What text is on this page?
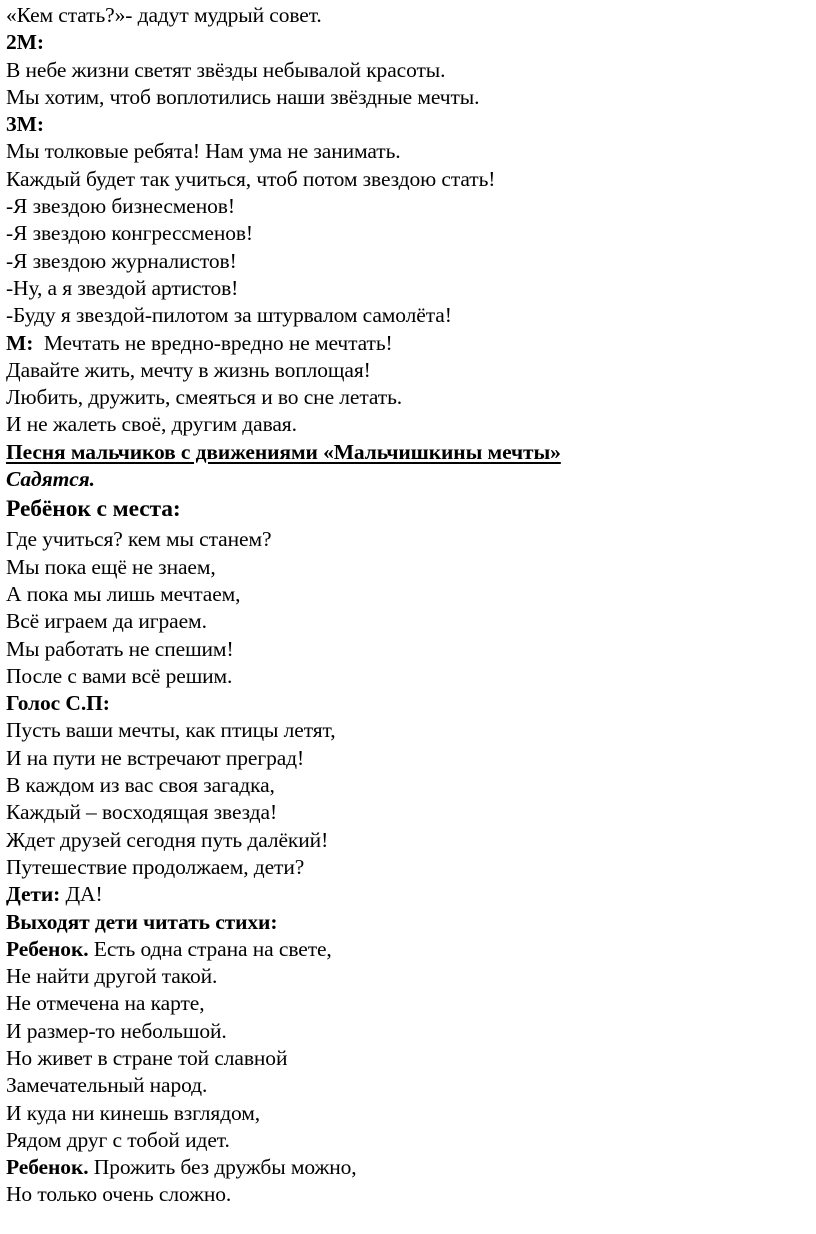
«Кем стать?»- дадут мудрый совет.
2М:
В небе жизни светят звёзды небывалой красоты.
Мы хотим, чтоб воплотились наши звёздные мечты.
3М:
Мы толковые ребята! Нам ума не занимать.
Каждый будет так учиться, чтоб потом звездою стать!
-Я звездою бизнесменов!
-Я звездою конгрессменов!
-Я звездою журналистов!
-Ну, а я звездой артистов!
-Буду я звездой-пилотом за штурвалом самолёта!
М:  Мечтать не вредно-вредно не мечтать!
Давайте жить, мечту в жизнь воплощая!
Любить, дружить, смеяться и во сне летать.
И не жалеть своё, другим давая.
Песня мальчиков с движениями «Мальчишкины мечты»
Садятся.
Ребёнок с места:
Где учиться? кем мы станем?
Мы пока ещё не знаем,
А пока мы лишь мечтаем,
Всё играем да играем.
Мы работать не спешим!
После с вами всё решим.
Голос С.П:
Пусть ваши мечты, как птицы летят,
И на пути не встречают преград!
В каждом из вас своя загадка,
Каждый – восходящая звезда!
Ждет друзей сегодня путь далёкий!
Путешествие продолжаем, дети?
Дети: ДА!
Выходят дети читать стихи:
Ребенок. Есть одна страна на свете,
Не найти другой такой.
Не отмечена на карте,
И размер-то небольшой.
Но живет в стране той славной
Замечательный народ.
И куда ни кинешь взглядом,
Рядом друг с тобой идет.
Ребенок. Прожить без дружбы можно,
Но только очень сложно.
